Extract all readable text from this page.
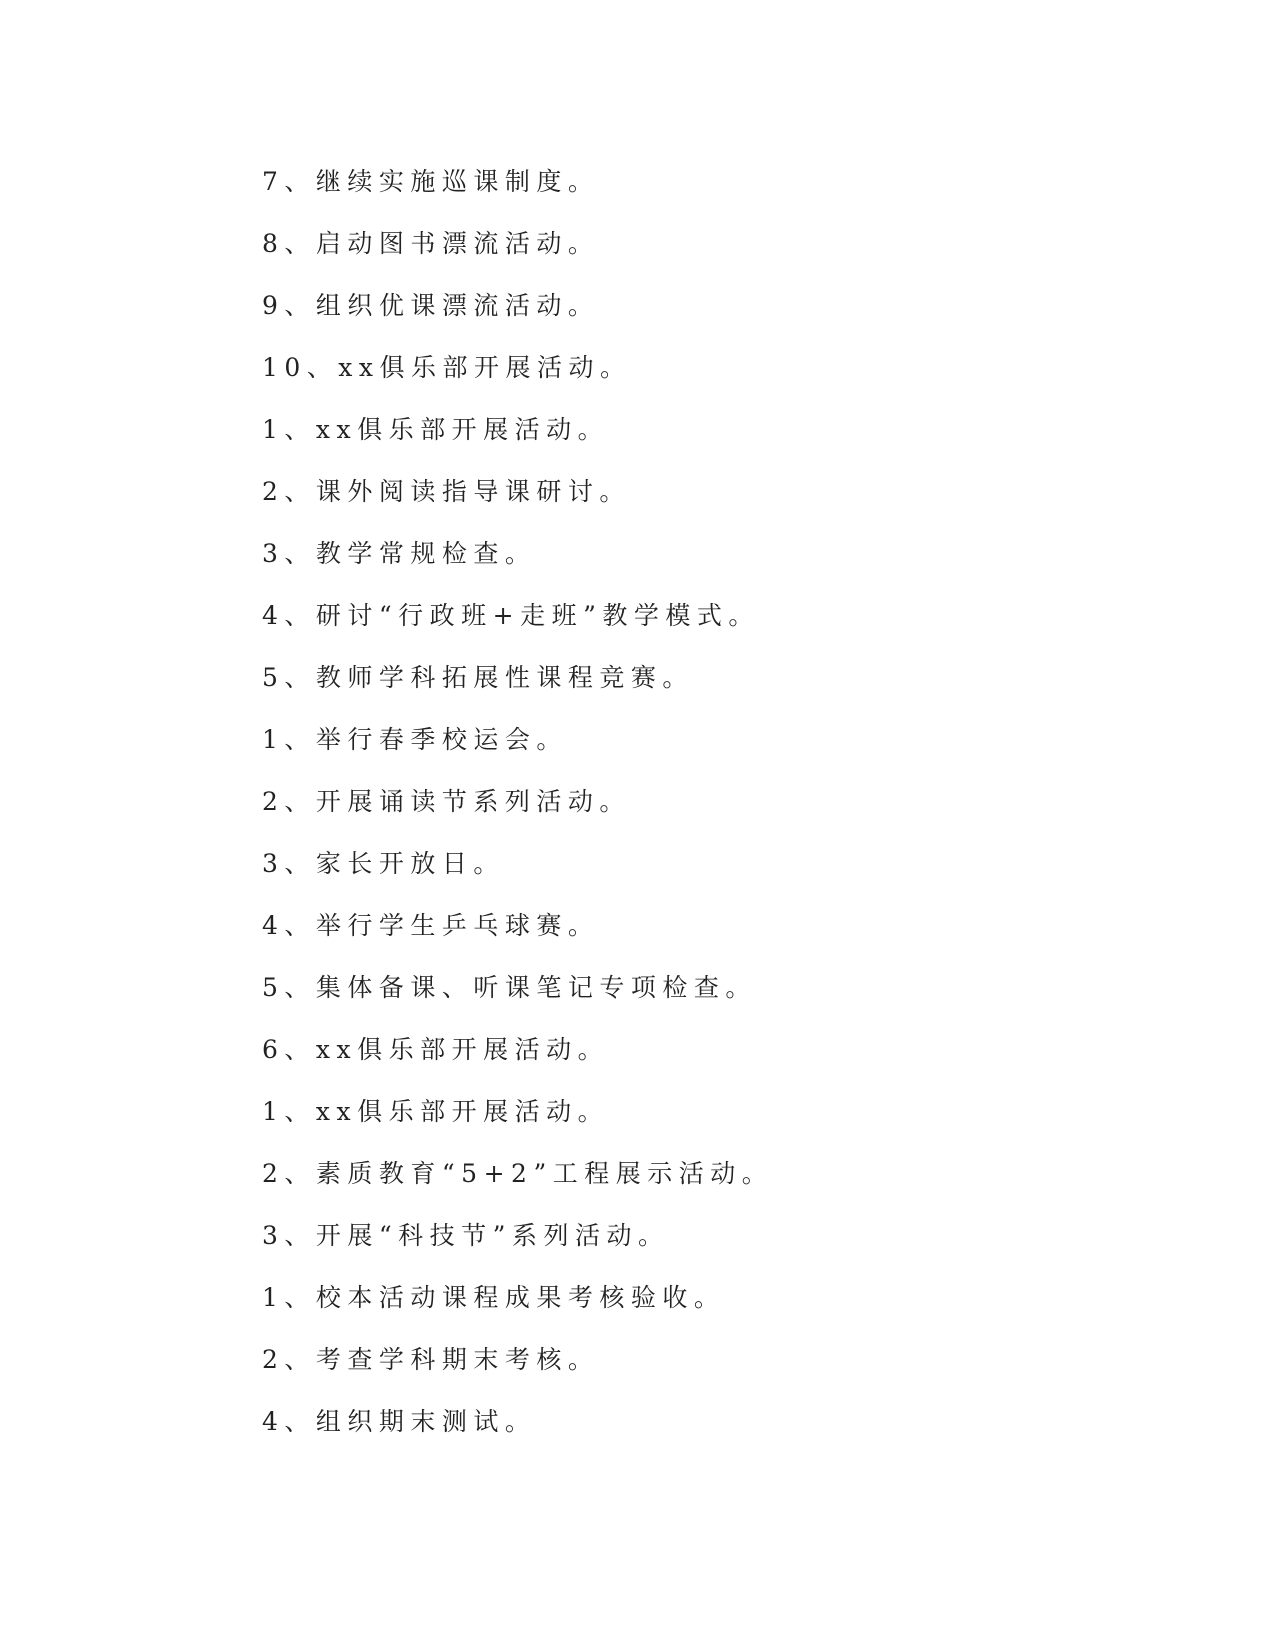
7、继续实施巡课制度。
8、启动图书漂流活动。
9、组织优课漂流活动。
10、xx俱乐部开展活动。
1、xx俱乐部开展活动。
2、课外阅读指导课研讨。
3、教学常规检查。
4、研讨“行政班+走班”教学模式。
5、教师学科拓展性课程竞赛。
1、举行春季校运会。
2、开展诵读节系列活动。
3、家长开放日。
4、举行学生乒乓球赛。
5、集体备课、听课笔记专项检查。
6、xx俱乐部开展活动。
1、xx俱乐部开展活动。
2、素质教育“5+2”工程展示活动。
3、开展“科技节”系列活动。
1、校本活动课程成果考核验收。
2、考查学科期末考核。
4、组织期末测试。
